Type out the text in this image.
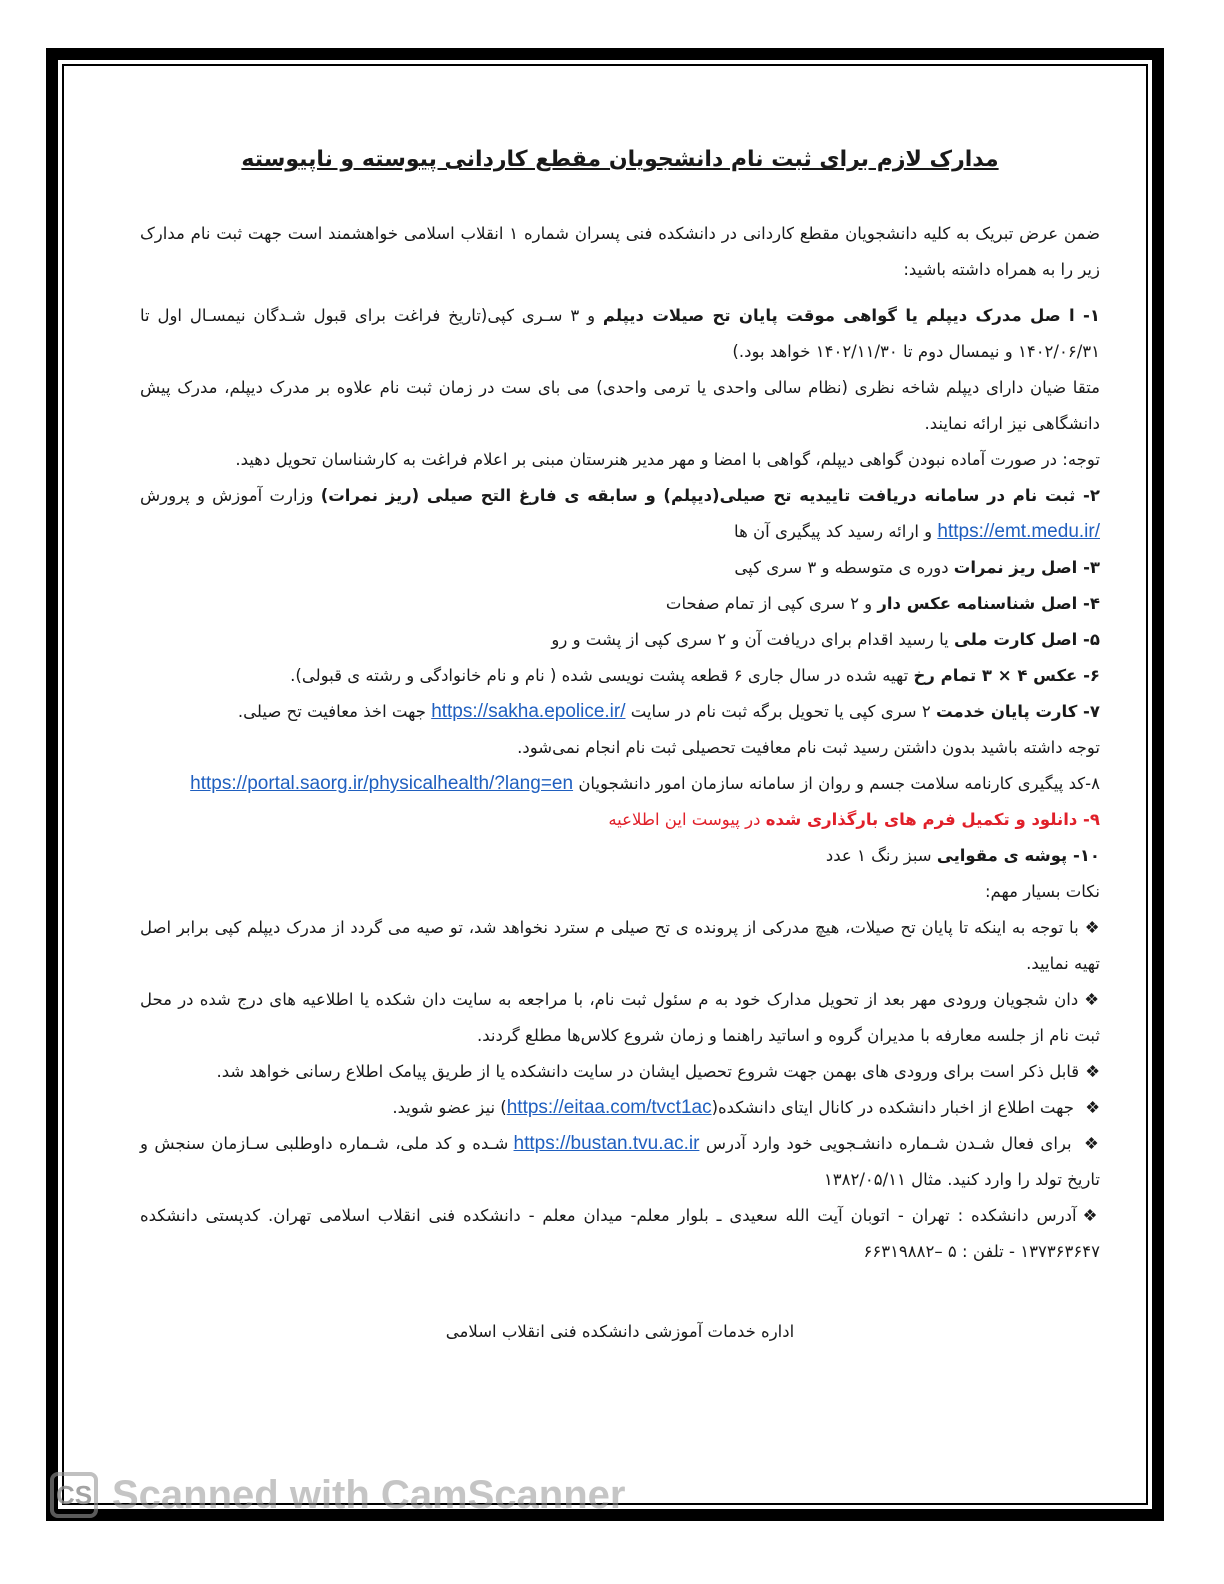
مدارک لازم برای ثبت نام دانشجویان مقطع کاردانی پیوسته و ناپیوسته

ضمن عرض تبریک به کلیه دانشجویان مقطع کاردانی در دانشکده فنی پسران شماره ۱ انقلاب اسلامی خواهشمند است جهت ثبت نام مدارک زیر را به همراه داشته باشید:

۱- ا صل مدرک دیپلم یا گواهی موقت پایان تح صیلات دیپلم و ۳ سـری کپی(تاریخ فراغت برای قبول شـدگان نیمسـال اول تا ۱۴۰۲/۰۶/۳۱ و نیمسال دوم تا ۱۴۰۲/۱۱/۳۰ خواهد بود.)

متقا ضیان دارای دیپلم شاخه نظری (نظام سالی واحدی یا ترمی واحدی) می بای ست در زمان ثبت نام علاوه بر مدرک دیپلم، مدرک پیش دانشگاهی نیز ارائه نمایند.

توجه: در صورت آماده نبودن گواهی دیپلم، گواهی با امضا و مهر مدیر هنرستان مبنی بر اعلام فراغت به کارشناسان تحویل دهید.

۲- ثبت نام در سامانه دریافت تاییدیه تح صیلی(دیپلم) و سابقه ی فارغ التح صیلی (ریز نمرات) وزارت آموزش و پرورش https://emt.medu.ir/ و ارائه رسید کد پیگیری آن ها

۳- اصل ریز نمرات دوره ی متوسطه و ۳ سری کپی

۴- اصل شناسنامه عکس دار و ۲ سری کپی از تمام صفحات

۵- اصل کارت ملی یا رسید اقدام برای دریافت آن و ۲ سری کپی از پشت و رو

۶- عکس ۴ × ۳ تمام رخ تهیه شده در سال جاری ۶ قطعه پشت نویسی شده ( نام و نام خانوادگی و رشته ی قبولی).

۷- کارت پایان خدمت ۲ سری کپی یا تحویل برگه ثبت نام در سایت https://sakha.epolice.ir/ جهت اخذ معافیت تح صیلی.

توجه داشته باشید بدون داشتن رسید ثبت نام معافیت تحصیلی ثبت نام انجام نمی‌شود.

۸-کد پیگیری کارنامه سلامت جسم و روان از سامانه سازمان امور دانشجویان https://portal.saorg.ir/physicalhealth/?lang=en

۹- دانلود و تکمیل فرم های بارگذاری شده در پیوست این اطلاعیه

۱۰- پوشه ی مقوایی سبز رنگ ۱ عدد

نکات بسیار مهم:

❖ با توجه به اینکه تا پایان تح صیلات، هیچ مدرکی از پرونده ی تح صیلی م سترد نخواهد شد، تو صیه می گردد از مدرک دیپلم کپی برابر اصل تهیه نمایید.

❖ دان شجویان ورودی مهر بعد از تحویل مدارک خود به م سئول ثبت نام، با مراجعه به سایت دان شکده یا اطلاعیه های درج شده در محل ثبت نام از جلسه معارفه با مدیران گروه و اساتید راهنما و زمان شروع کلاس‌ها مطلع گردند.

❖ قابل ذکر است برای ورودی های بهمن جهت شروع تحصیل ایشان در سایت دانشکده یا از طریق پیامک اطلاع رسانی خواهد شد.

❖ جهت اطلاع از اخبار دانشکده در کانال ایتای دانشکده(https://eitaa.com/tvct1ac) نیز عضو شوید.

❖ برای فعال شـدن شـماره دانشـجویی خود وارد آدرس https://bustan.tvu.ac.ir شـده و کد ملی، شـماره داوطلبی سـازمان سنجش و تاریخ تولد را وارد کنید. مثال ۱۳۸۲/۰۵/۱۱

❖ آدرس دانشکده : تهران - اتوبان آیت الله سعیدی ـ بلوار معلم- میدان معلم - دانشکده فنی انقلاب اسلامی تهران. کدپستی دانشکده ۱۳۷۳۶۳۶۴۷ - تلفن : ۵ –۶۶۳۱۹۸۸۲

اداره خدمات آموزشی دانشکده فنی انقلاب اسلامی

CS Scanned with CamScanner
